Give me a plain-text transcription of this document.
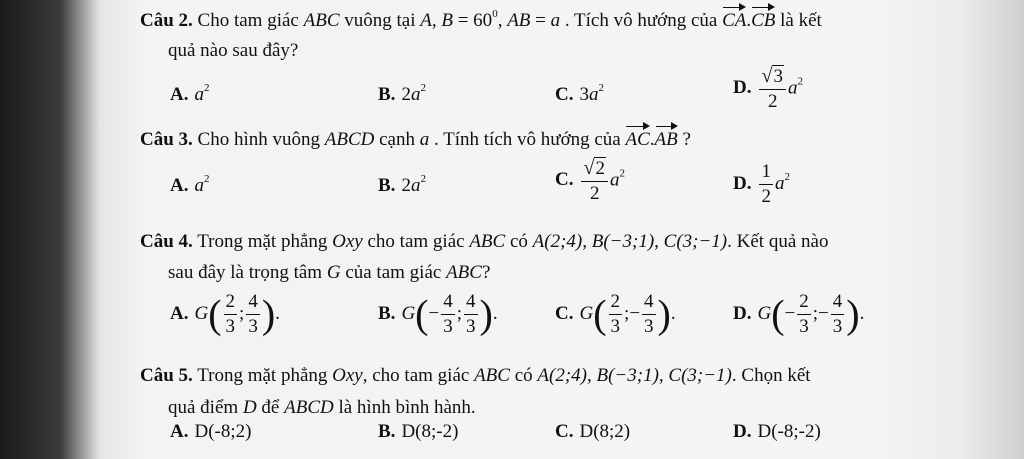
Câu 2. Cho tam giác ABC vuông tại A, $B = 60^0$, AB = a . Tích vô hướng của CA.CB là kết
quả nào sau đây?
A. $a^2$	B. $2a^2$	C. $3a^2$	D. $\frac{√3}{2} a^2$
Câu 3. Cho hình vuông ABCD cạnh a . Tính tích vô hướng của AC.AB ?
A. $a^2$	B. $2a^2$	C. $\frac{√2}{2} a^2$	D. $\frac{1}{2} a^2$
Câu 4. Trong mặt phẳng Oxy cho tam giác ABC có A(2;4), B(−3;1), C(3;−1). Kết quả nào
sau đây là trọng tâm G của tam giác ABC?
A. $G( \frac{2}{3}$ ; $\frac{4}{3}$ ).	B. $G(- \frac{4}{3}$ ; $\frac{4}{3}$ ).	C. $G( \frac{2}{3}$ ;− $\frac{4}{3}$ ).	D. $G(- \frac{2}{3}$ ;− $\frac{4}{3}$ ).
Câu 5. Trong mặt phẳng Oxy, cho tam giác ABC có A(2;4), B(−3;1), C(3;−1). Chọn kết
quả điểm D để ABCD là hình bình hành.
A. D(-8;2)	B. D(8;-2)	C. D(8;2)	D. D(-8;-2)
